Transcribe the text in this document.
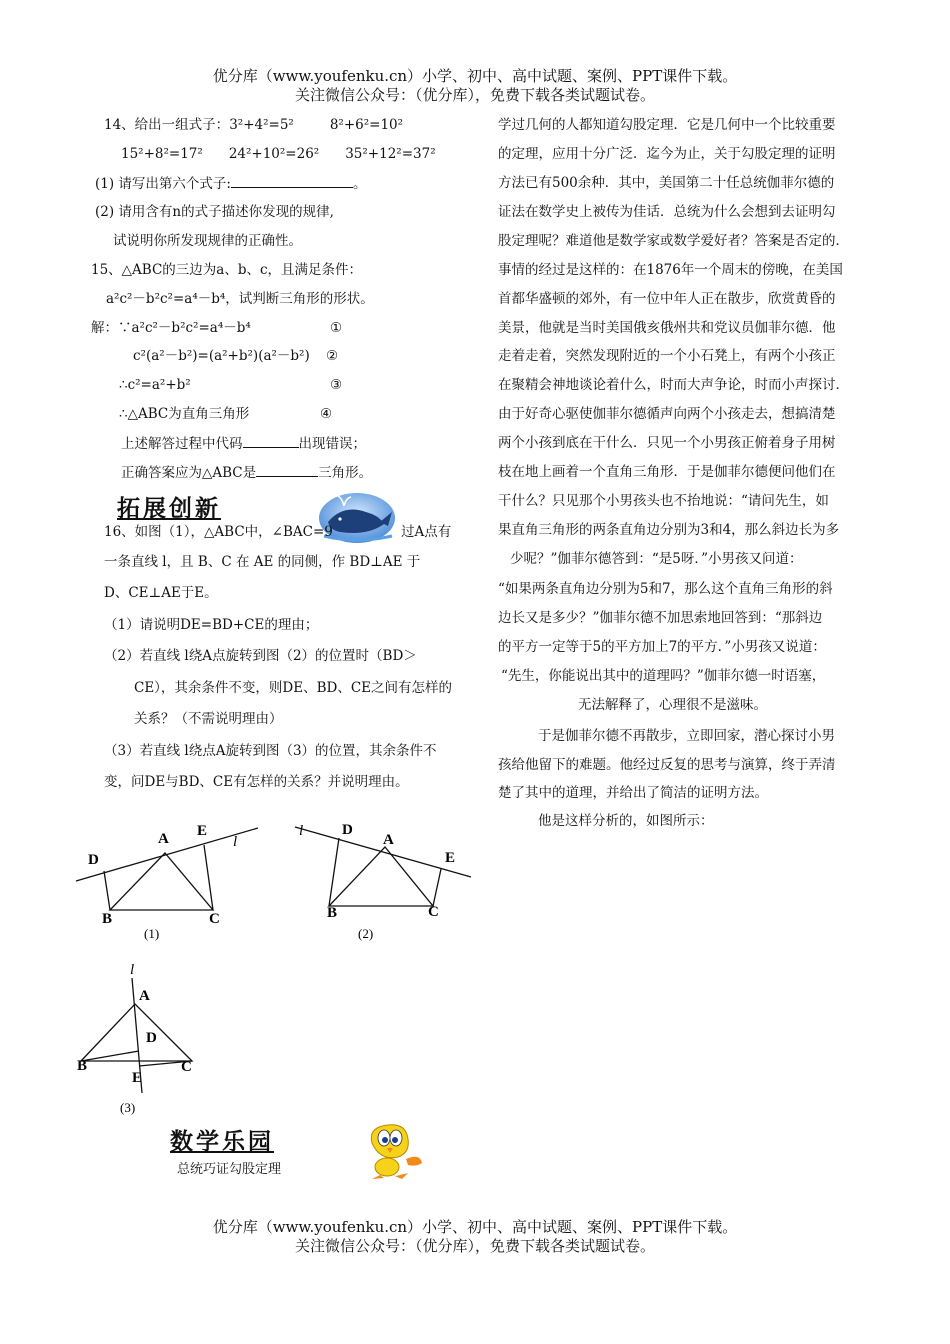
优分库（www.youfenku.cn）小学、初中、高中试题、案例、PPT课件下载。
关注微信公众号：（优分库），免费下载各类试题试卷。
14、给出一组式子：3²+4²=5²	8²+6²=10²
15²+8²=17² 24²+10²=26² 35²+12²=37²
(1) 请写出第六个式子:	。
(2) 请用含有n的式子描述你发现的规律,
试说明你所发现规律的正确性。
15、△ABC的三边为a、b、c，且满足条件：
a²c²－b²c²=a⁴－b⁴，试判断三角形的形状。
解：∵a²c²－b²c²=a⁴－b⁴	①
c²(a²－b²)=(a²+b²)(a²－b²) ②
∴c²=a²+b²	③
∴△ABC为直角三角形	④
上述解答过程中代码	出现错误；
正确答案应为△ABC是	三角形。
拓展创新
16、如图（1），△ABC中，∠BAC=9	过A点有
一条直线 l，且 B、C 在 AE 的同侧，作 BD⊥AE 于
D、CE⊥AE于E。
（1）请说明DE=BD+CE的理由；
（2）若直线 l绕A点旋转到图（2）的位置时（BD＞
CE），其余条件不变，则DE、BD、CE之间有怎样的
关系？（不需说明理由）
（3）若直线 l绕点A旋转到图（3）的位置，其余条件不
变，问DE与BD、CE有怎样的关系？并说明理由。
A E
D
B	C
l
(1)
D
A
E
B	C
l
(2)
l
A
D
B	C
E
(3)
数学乐园
总统巧证勾股定理
学过几何的人都知道勾股定理．它是几何中一个比较重要
的定理，应用十分广泛．迄今为止，关于勾股定理的证明
方法已有500余种．其中，美国第二十任总统伽菲尔德的
证法在数学史上被传为佳话．总统为什么会想到去证明勾
股定理呢？难道他是数学家或数学爱好者？答案是否定的．
事情的经过是这样的：在1876年一个周末的傍晚，在美国
首都华盛顿的郊外，有一位中年人正在散步，欣赏黄昏的
美景，他就是当时美国俄亥俄州共和党议员伽菲尔德．他
走着走着，突然发现附近的一个小石凳上，有两个小孩正
在聚精会神地谈论着什么，时而大声争论，时而小声探讨．
由于好奇心驱使伽菲尔德循声向两个小孩走去，想搞清楚
两个小孩到底在干什么．只见一个小男孩正俯着身子用树
枝在地上画着一个直角三角形．于是伽菲尔德便问他们在
干什么？只见那个小男孩头也不抬地说：“请问先生，如
果直角三角形的两条直角边分别为3和4，那么斜边长为多
少呢？”伽菲尔德答到：“是5呀．”小男孩又问道：
“如果两条直角边分别为5和7，那么这个直角三角形的斜
边长又是多少？”伽菲尔德不加思索地回答到：“那斜边
的平方一定等于5的平方加上7的平方．”小男孩又说道：
“先生，你能说出其中的道理吗？”伽菲尔德一时语塞，
无法解释了，心理很不是滋味。
于是伽菲尔德不再散步，立即回家，潜心探讨小男
孩给他留下的难题。他经过反复的思考与演算，终于弄清
楚了其中的道理，并给出了简洁的证明方法。
他是这样分析的，如图所示：
优分库（www.youfenku.cn）小学、初中、高中试题、案例、PPT课件下载。
关注微信公众号：（优分库），免费下载各类试题试卷。
